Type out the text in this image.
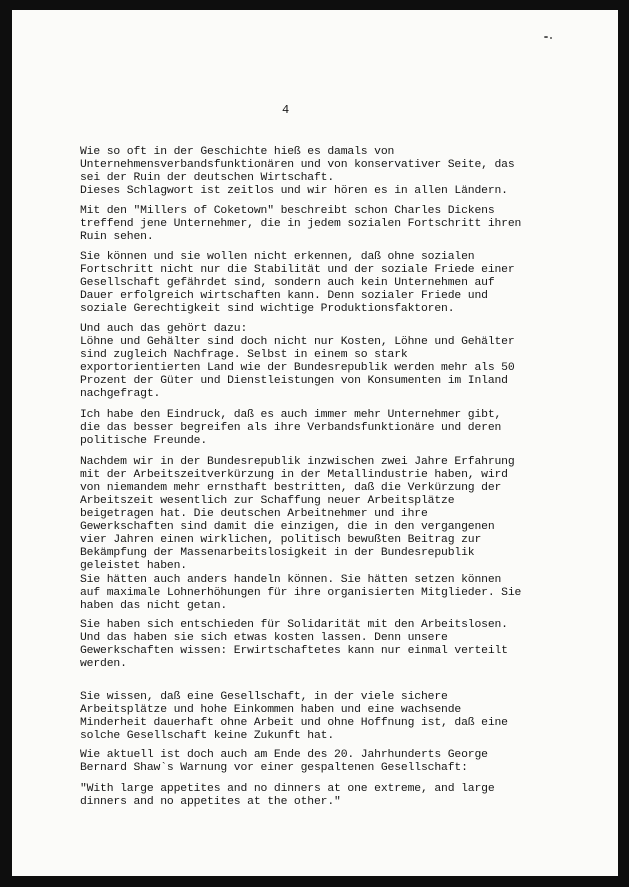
4

Wie so oft in der Geschichte hieß es damals von
Unternehmensverbandsfunktionären und von konservativer Seite, das
sei der Ruin der deutschen Wirtschaft.
Dieses Schlagwort ist zeitlos und wir hören es in allen Ländern.

Mit den "Millers of Coketown" beschreibt schon Charles Dickens
treffend jene Unternehmer, die in jedem sozialen Fortschritt ihren
Ruin sehen.

Sie können und sie wollen nicht erkennen, daß ohne sozialen
Fortschritt nicht nur die Stabilität und der soziale Friede einer
Gesellschaft gefährdet sind, sondern auch kein Unternehmen auf
Dauer erfolgreich wirtschaften kann. Denn sozialer Friede und
soziale Gerechtigkeit sind wichtige Produktionsfaktoren.

Und auch das gehört dazu:
Löhne und Gehälter sind doch nicht nur Kosten, Löhne und Gehälter
sind zugleich Nachfrage. Selbst in einem so stark
exportorientierten Land wie der Bundesrepublik werden mehr als 50
Prozent der Güter und Dienstleistungen von Konsumenten im Inland
nachgefragt.

Ich habe den Eindruck, daß es auch immer mehr Unternehmer gibt,
die das besser begreifen als ihre Verbandsfunktionäre und deren
politische Freunde.

Nachdem wir in der Bundesrepublik inzwischen zwei Jahre Erfahrung
mit der Arbeitszeitverkürzung in der Metallindustrie haben, wird
von niemandem mehr ernsthaft bestritten, daß die Verkürzung der
Arbeitszeit wesentlich zur Schaffung neuer Arbeitsplätze
beigetragen hat. Die deutschen Arbeitnehmer und ihre
Gewerkschaften sind damit die einzigen, die in den vergangenen
vier Jahren einen wirklichen, politisch bewußten Beitrag zur
Bekämpfung der Massenarbeitslosigkeit in der Bundesrepublik
geleistet haben.

Sie hätten auch anders handeln können. Sie hätten setzen können
auf maximale Lohnerhöhungen für ihre organisierten Mitglieder. Sie
haben das nicht getan.

Sie haben sich entschieden für Solidarität mit den Arbeitslosen.
Und das haben sie sich etwas kosten lassen. Denn unsere
Gewerkschaften wissen: Erwirtschaftetes kann nur einmal verteilt
werden.

Sie wissen, daß eine Gesellschaft, in der viele sichere
Arbeitsplätze und hohe Einkommen haben und eine wachsende
Minderheit dauerhaft ohne Arbeit und ohne Hoffnung ist, daß eine
solche Gesellschaft keine Zukunft hat.

Wie aktuell ist doch auch am Ende des 20. Jahrhunderts George
Bernard Shaw`s Warnung vor einer gespaltenen Gesellschaft:

"With large appetites and no dinners at one extreme, and large
dinners and no appetites at the other."
